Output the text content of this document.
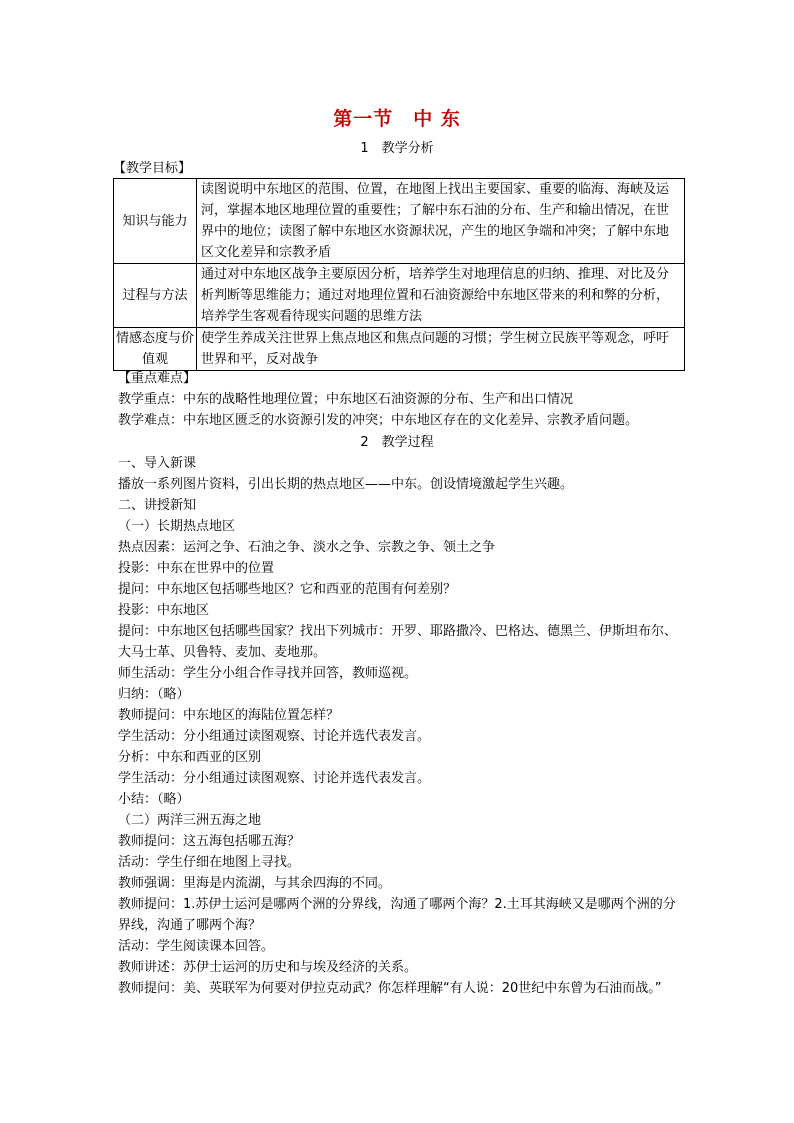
第一节　中 东
1　教学分析

【教学目标】

知识与能力	读图说明中东地区的范围、位置，在地图上找出主要国家、重要的临海、海峡及运河，掌握本地区地理位置的重要性；了解中东石油的分布、生产和输出情况，在世界中的地位；读图了解中东地区水资源状况，产生的地区争端和冲突；了解中东地区文化差异和宗教矛盾
过程与方法	通过对中东地区战争主要原因分析，培养学生对地理信息的归纳、推理、对比及分析判断等思维能力；通过对地理位置和石油资源给中东地区带来的利和弊的分析，培养学生客观看待现实问题的思维方法
情感态度与价值观	使学生养成关注世界上焦点地区和焦点问题的习惯；学生树立民族平等观念，呼吁世界和平，反对战争

【重点难点】

教学重点：中东的战略性地理位置；中东地区石油资源的分布、生产和出口情况

教学难点：中东地区匮乏的水资源引发的冲突；中东地区存在的文化差异、宗教矛盾问题。

2　教学过程

一、导入新课

播放一系列图片资料，引出长期的热点地区——中东。创设情境激起学生兴趣。

二、讲授新知

（一）长期热点地区

热点因素：运河之争、石油之争、淡水之争、宗教之争、领土之争

投影：中东在世界中的位置

提问：中东地区包括哪些地区？它和西亚的范围有何差别？

投影：中东地区

提问：中东地区包括哪些国家？找出下列城市：开罗、耶路撒冷、巴格达、德黑兰、伊斯坦布尔、大马士革、贝鲁特、麦加、麦地那。

师生活动：学生分小组合作寻找并回答，教师巡视。

归纳：（略）

教师提问：中东地区的海陆位置怎样？

学生活动：分小组通过读图观察、讨论并选代表发言。

分析：中东和西亚的区别

学生活动：分小组通过读图观察、讨论并选代表发言。

小结：（略）

（二）两洋三洲五海之地

教师提问：这五海包括哪五海？

活动：学生仔细在地图上寻找。

教师强调：里海是内流湖，与其余四海的不同。

教师提问：1.苏伊士运河是哪两个洲的分界线，沟通了哪两个海？2.土耳其海峡又是哪两个洲的分界线，沟通了哪两个海？

活动：学生阅读课本回答。

教师讲述：苏伊士运河的历史和与埃及经济的关系。

教师提问：美、英联军为何要对伊拉克动武？你怎样理解“有人说：20世纪中东曾为石油而战。”
